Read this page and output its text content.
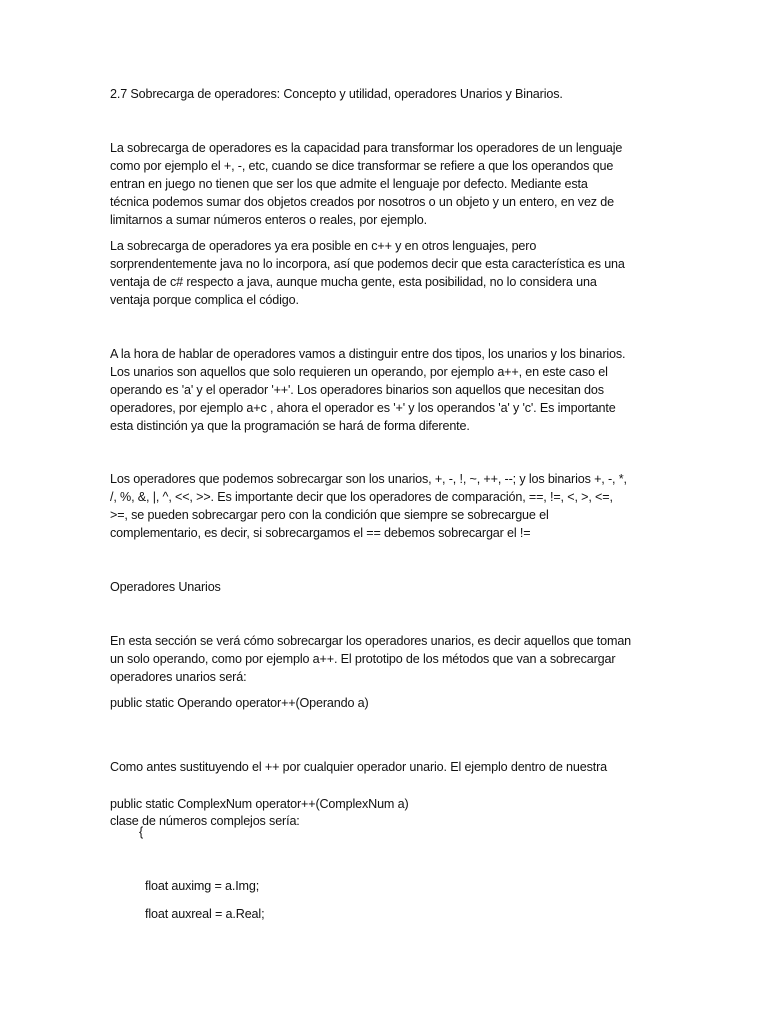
2.7 Sobrecarga de operadores: Concepto y utilidad, operadores Unarios y Binarios.

La sobrecarga de operadores es la capacidad para transformar los operadores de un lenguaje
como por ejemplo el +, -, etc, cuando se dice transformar se refiere a que los operandos que
entran en juego no tienen que ser los que admite el lenguaje por defecto. Mediante esta
técnica podemos sumar dos objetos creados por nosotros o un objeto y un entero, en vez de
limitarnos a sumar números enteros o reales, por ejemplo.

La sobrecarga de operadores ya era posible en c++ y en otros lenguajes, pero
sorprendentemente java no lo incorpora, así que podemos decir que esta característica es una
ventaja de c# respecto a java, aunque mucha gente, esta posibilidad, no lo considera una
ventaja porque complica el código.

A la hora de hablar de operadores vamos a distinguir entre dos tipos, los unarios y los binarios.
Los unarios son aquellos que solo requieren un operando, por ejemplo a++, en este caso el
operando es 'a' y el operador '++'. Los operadores binarios son aquellos que necesitan dos
operadores, por ejemplo a+c , ahora el operador es '+' y los operandos 'a' y 'c'. Es importante
esta distinción ya que la programación se hará de forma diferente.

Los operadores que podemos sobrecargar son los unarios, +, -, !, ~, ++, --; y los binarios +, -, *,
/, %, &, |, ^, <<, >>. Es importante decir que los operadores de comparación, ==, !=, <, >, <=,
>=, se pueden sobrecargar pero con la condición que siempre se sobrecargue el
complementario, es decir, si sobrecargamos el == debemos sobrecargar el !=

Operadores Unarios

En esta sección se verá cómo sobrecargar los operadores unarios, es decir aquellos que toman
un solo operando, como por ejemplo a++. El prototipo de los métodos que van a sobrecargar
operadores unarios será:

public static Operando operator++(Operando a)

Como antes sustituyendo el ++ por cualquier operador unario. El ejemplo dentro de nuestra

clase de números complejos sería:

public static ComplexNum operator++(ComplexNum a)

{

float auximg = a.Img;

float auxreal = a.Real;
